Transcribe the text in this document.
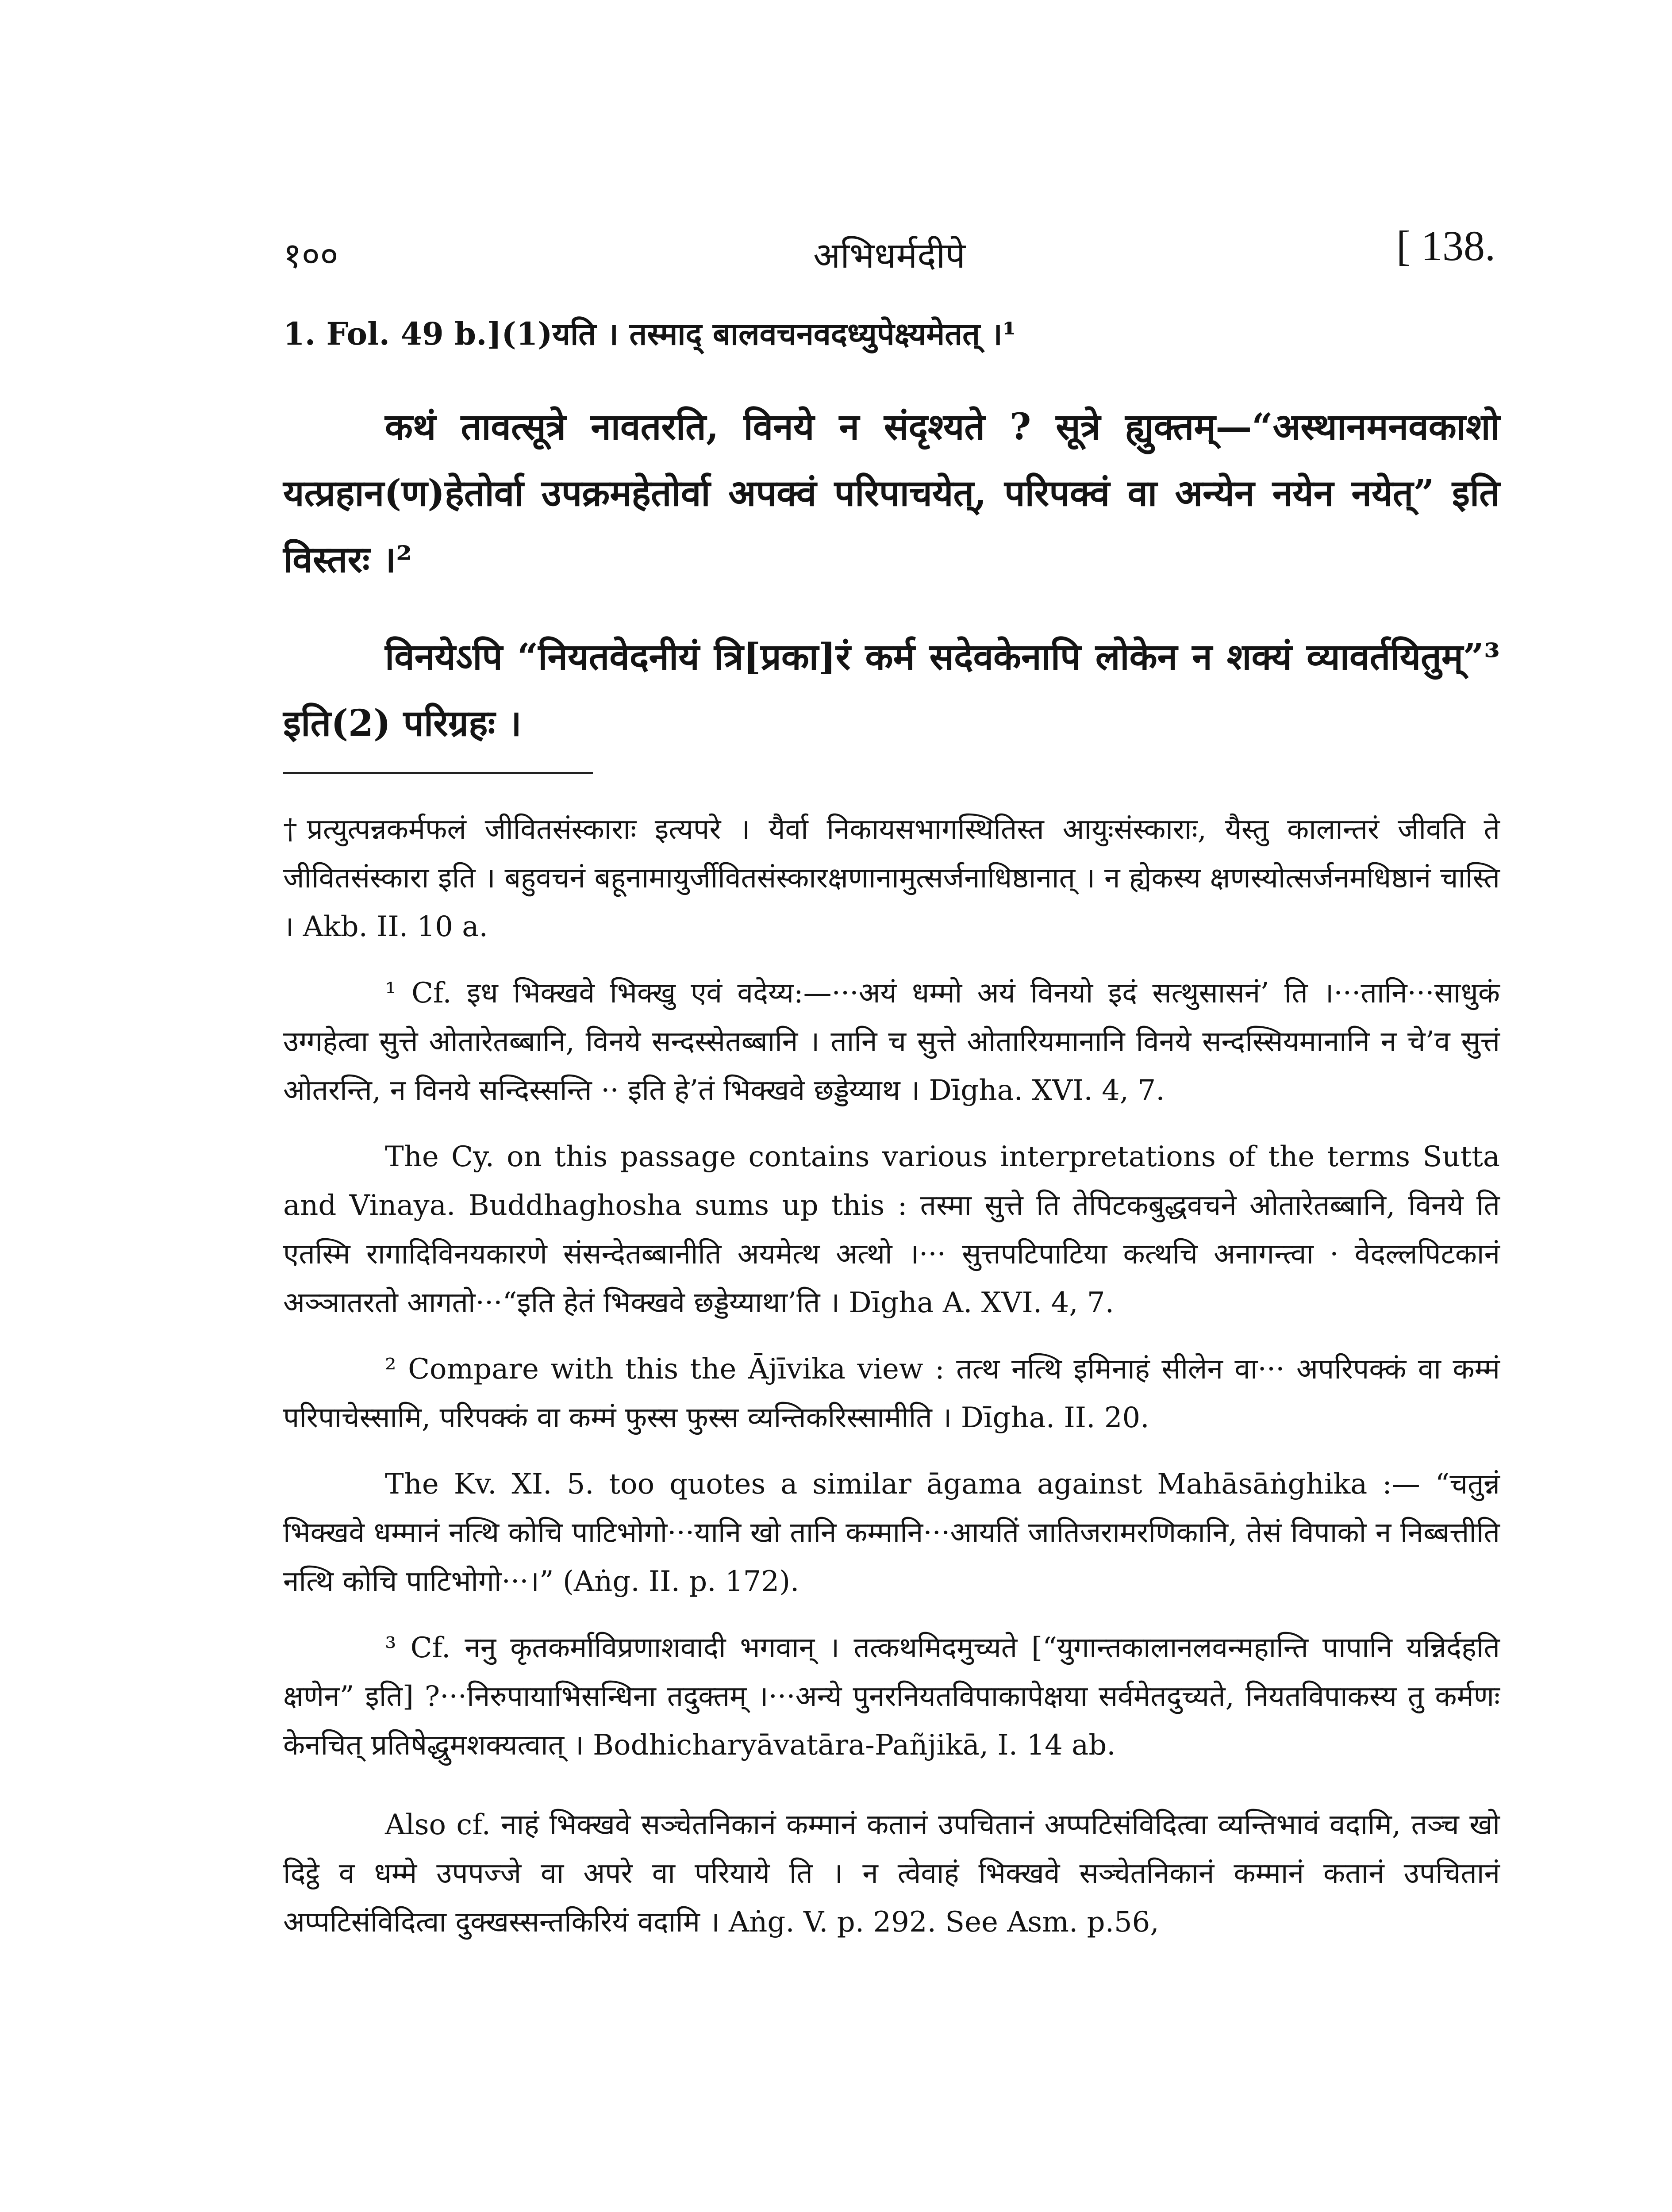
१००	अभिधर्मदीपे	[ 138.

1. Fol. 49 b.](1)यति । तस्माद् बालवचनवदध्युपेक्ष्यमेतत् ।¹

कथं तावत्सूत्रे नावतरति, विनये न संदृश्यते ? सूत्रे ह्युक्तम्—“अस्थानमनवकाशो यत्प्रहान(ण)हेतोर्वा उपक्रमहेतोर्वा अपक्वं परिपाचयेत्, परिपक्वं वा अन्येन नयेन नयेत्” इति विस्तरः ।²

विनयेऽपि “नियतवेदनीयं त्रि[प्रका]रं कर्म सदेवकेनापि लोकेन न शक्यं व्यावर्तयितुम्”³ इति(2) परिग्रहः ।

†प्रत्युत्पन्नकर्मफलं जीवितसंस्काराः इत्यपरे । यैर्वा निकायसभागस्थितिस्त आयुःसंस्काराः, यैस्तु कालान्तरं जीवति ते जीवितसंस्कारा इति । बहुवचनं बहूनामायुर्जीवितसंस्कारक्षणानामुत्सर्जनाधिष्ठानात् । न ह्येकस्य क्षणस्योत्सर्जनमधिष्ठानं चास्ति । Akb. II. 10 a.

¹ Cf. इध भिक्खवे भिक्खु एवं वदेय्य:—···अयं धम्मो अयं विनयो इदं सत्थुसासनं’ ति ।···तानि···साधुकं उग्गहेत्वा सुत्ते ओतारेतब्बानि, विनये सन्दस्सेतब्बानि । तानि च सुत्ते ओतारियमानानि विनये सन्दस्सियमानानि न चे’व सुत्तं ओतरन्ति, न विनये सन्दिस्सन्ति ·· इति हे’तं भिक्खवे छड्डेय्याथ । Dīgha. XVI. 4, 7.

The Cy. on this passage contains various interpretations of the terms Sutta and Vinaya. Buddhaghosha sums up this : तस्मा सुत्ते ति तेपिटकबुद्धवचने ओतारेतब्बानि, विनये ति एतस्मि रागादिविनयकारणे संसन्देतब्बानीति अयमेत्थ अत्थो ।··· सुत्तपटिपाटिया कत्थचि अनागन्त्वा · वेदल्लपिटकानं अञ्ञातरतो आगतो···“इति हेतं भिक्खवे छड्डेय्याथा’ति । Dīgha A. XVI. 4, 7.

² Compare with this the Ājīvika view : तत्थ नत्थि इमिनाहं सीलेन वा··· अपरिपक्कं वा कम्मं परिपाचेस्सामि, परिपक्कं वा कम्मं फुस्स फुस्स व्यन्तिकरिस्सामीति । Dīgha. II. 20.

The Kv. XI. 5. too quotes a similar āgama against Mahāsāṅghika :— “चतुन्नं भिक्खवे धम्मानं नत्थि कोचि पाटिभोगो···यानि खो तानि कम्मानि···आयतिं जातिजरामरणिकानि, तेसं विपाको न निब्बत्तीति नत्थि कोचि पाटिभोगो···।” (Aṅg. II. p. 172).

³ Cf. ननु कृतकर्माविप्रणाशवादी भगवान् । तत्कथमिदमुच्यते [“युगान्तकालानलवन्महान्ति पापानि यन्निर्दहति क्षणेन” इति] ?···निरुपायाभिसन्धिना तदुक्तम् ।···अन्ये पुनरनियतविपाकापेक्षया सर्वमेतदुच्यते, नियतविपाकस्य तु कर्मणः केनचित् प्रतिषेद्धुमशक्यत्वात् । Bodhicharyāvatāra-Pañjikā, I. 14 ab.

Also cf. नाहं भिक्खवे सञ्चेतनिकानं कम्मानं कतानं उपचितानं अप्पटिसंविदित्वा व्यन्तिभावं वदामि, तञ्च खो दिट्ठे व धम्मे उपपज्जे वा अपरे वा परियाये ति । न त्वेवाहं भिक्खवे सञ्चेतनिकानं कम्मानं कतानं उपचितानं अप्पटिसंविदित्वा दुक्खस्सन्तकिरियं वदामि । Aṅg. V. p. 292. See Asm. p.56,
